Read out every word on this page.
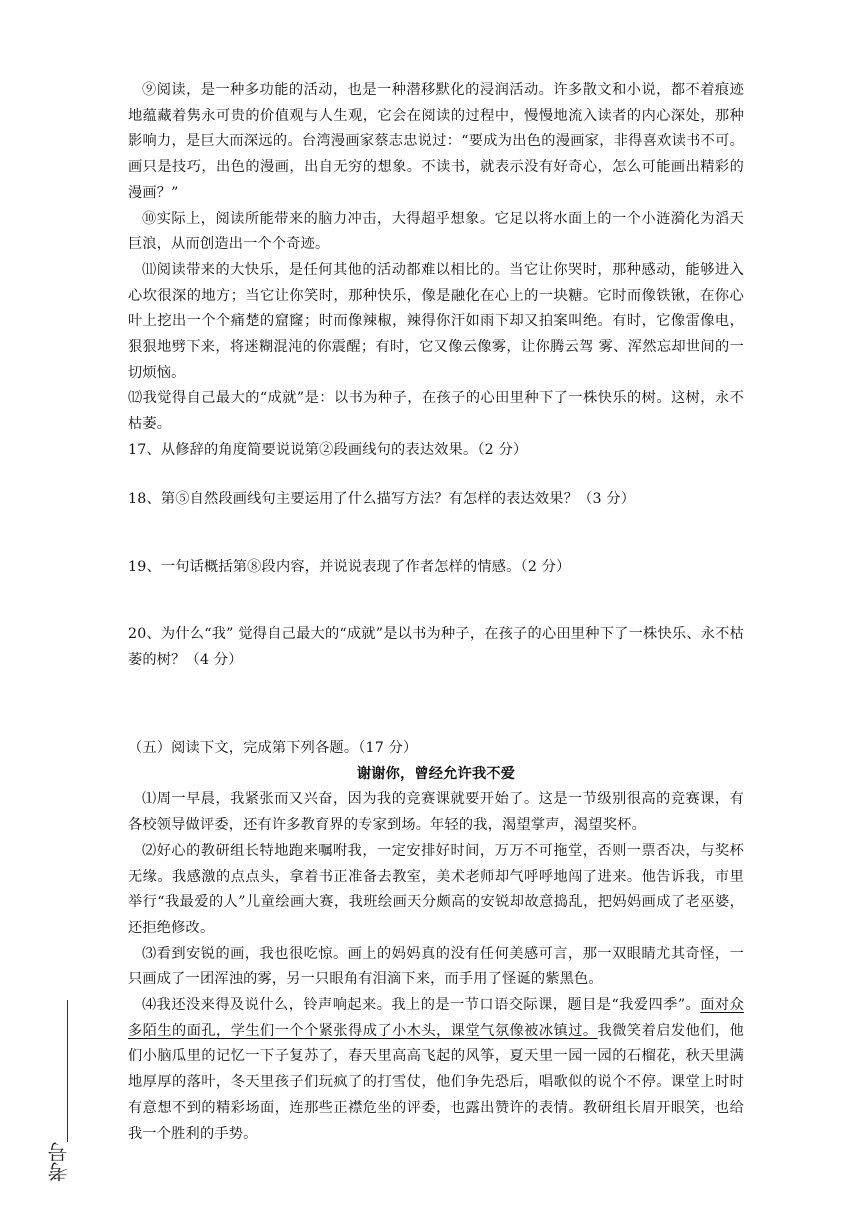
⑨阅读，是一种多功能的活动，也是一种潜移默化的浸润活动。许多散文和小说，都不着痕迹地蕴藏着隽永可贵的价值观与人生观，它会在阅读的过程中，慢慢地流入读者的内心深处，那种影响力，是巨大而深远的。台湾漫画家蔡志忠说过：“要成为出色的漫画家，非得喜欢读书不可。画只是技巧，出色的漫画，出自无穷的想象。不读书，就表示没有好奇心，怎么可能画出精彩的漫画？”

⑩实际上，阅读所能带来的脑力冲击，大得超乎想象。它足以将水面上的一个小涟漪化为滔天巨浪，从而创造出一个个奇迹。

⑾阅读带来的大快乐，是任何其他的活动都难以相比的。当它让你哭时，那种感动，能够进入心坎很深的地方；当它让你笑时，那种快乐，像是融化在心上的一块糖。它时而像铁锹，在你心叶上挖出一个个痛楚的窟窿；时而像辣椒，辣得你汗如雨下却又拍案叫绝。有时，它像雷像电，狠狠地劈下来，将迷糊混沌的你震醒；有时，它又像云像雾，让你腾云驾 雾、浑然忘却世间的一切烦恼。

⑿我觉得自己最大的“成就”是：以书为种子，在孩子的心田里种下了一株快乐的树。这树，永不枯萎。

17、从修辞的角度简要说说第②段画线句的表达效果。（2 分）

18、第⑤自然段画线句主要运用了什么描写方法？有怎样的表达效果？（3 分）

19、一句话概括第⑧段内容，并说说表现了作者怎样的情感。（2 分）

20、为什么“我” 觉得自己最大的“成就”是以书为种子，在孩子的心田里种下了一株快乐、永不枯萎的树？（4 分）

（五）阅读下文，完成第下列各题。（17 分）

谢谢你，曾经允许我不爱

⑴周一早晨，我紧张而又兴奋，因为我的竞赛课就要开始了。这是一节级别很高的竞赛课，有各校领导做评委，还有许多教育界的专家到场。年轻的我，渴望掌声，渴望奖杯。

⑵好心的教研组长特地跑来嘱咐我，一定安排好时间，万万不可拖堂，否则一票否决，与奖杯无缘。我感激的点点头，拿着书正准备去教室，美术老师却气呼呼地闯了进来。他告诉我，市里举行“我最爱的人”儿童绘画大赛，我班绘画天分颇高的安锐却故意捣乱，把妈妈画成了老巫婆，还拒绝修改。

⑶看到安锐的画，我也很吃惊。画上的妈妈真的没有任何美感可言，那一双眼睛尤其奇怪，一只画成了一团浑浊的雾，另一只眼角有泪滴下来，而手用了怪诞的紫黑色。

⑷我还没来得及说什么，铃声响起来。我上的是一节口语交际课，题目是“我爱四季”。面对众多陌生的面孔，学生们一个个紧张得成了小木头，课堂气氛像被冰镇过。我微笑着启发他们，他们小脑瓜里的记忆一下子复苏了，春天里高高飞起的风筝，夏天里一园一园的石榴花，秋天里满地厚厚的落叶，冬天里孩子们玩疯了的打雪仗，他们争先恐后，唱歌似的说个不停。课堂上时时有意想不到的精彩场面，连那些正襟危坐的评委，也露出赞许的表情。教研组长眉开眼笑，也给我一个胜利的手势。

考号
